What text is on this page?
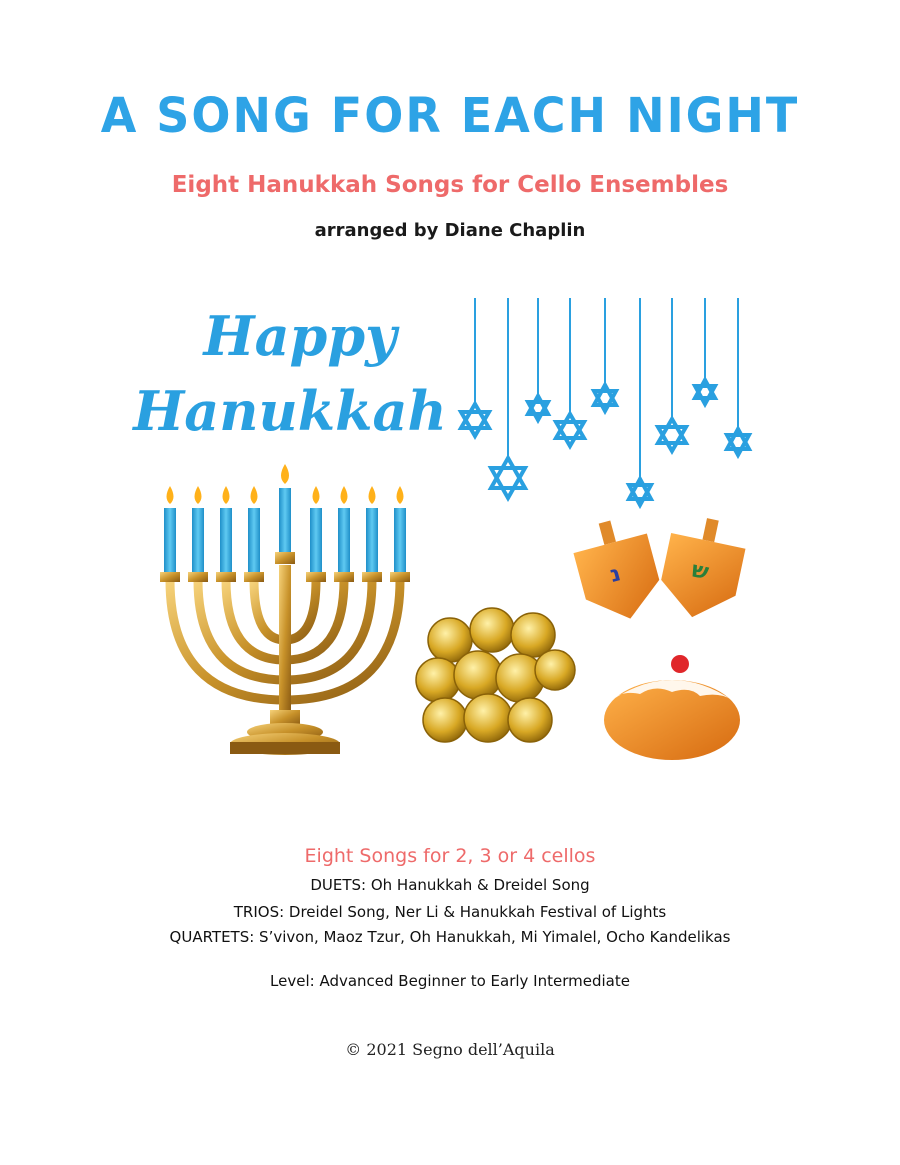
A SONG FOR EACH NIGHT
Eight Hanukkah Songs for Cello Ensembles
arranged by Diane Chaplin
Happy
Hanukkah
נ	ש
Eight Songs for 2, 3 or 4 cellos
DUETS: Oh Hanukkah & Dreidel Song
TRIOS: Dreidel Song, Ner Li & Hanukkah Festival of Lights
QUARTETS: S’vivon, Maoz Tzur, Oh Hanukkah, Mi Yimalel, Ocho Kandelikas
Level: Advanced Beginner to Early Intermediate
© 2021 Segno dell’Aquila
